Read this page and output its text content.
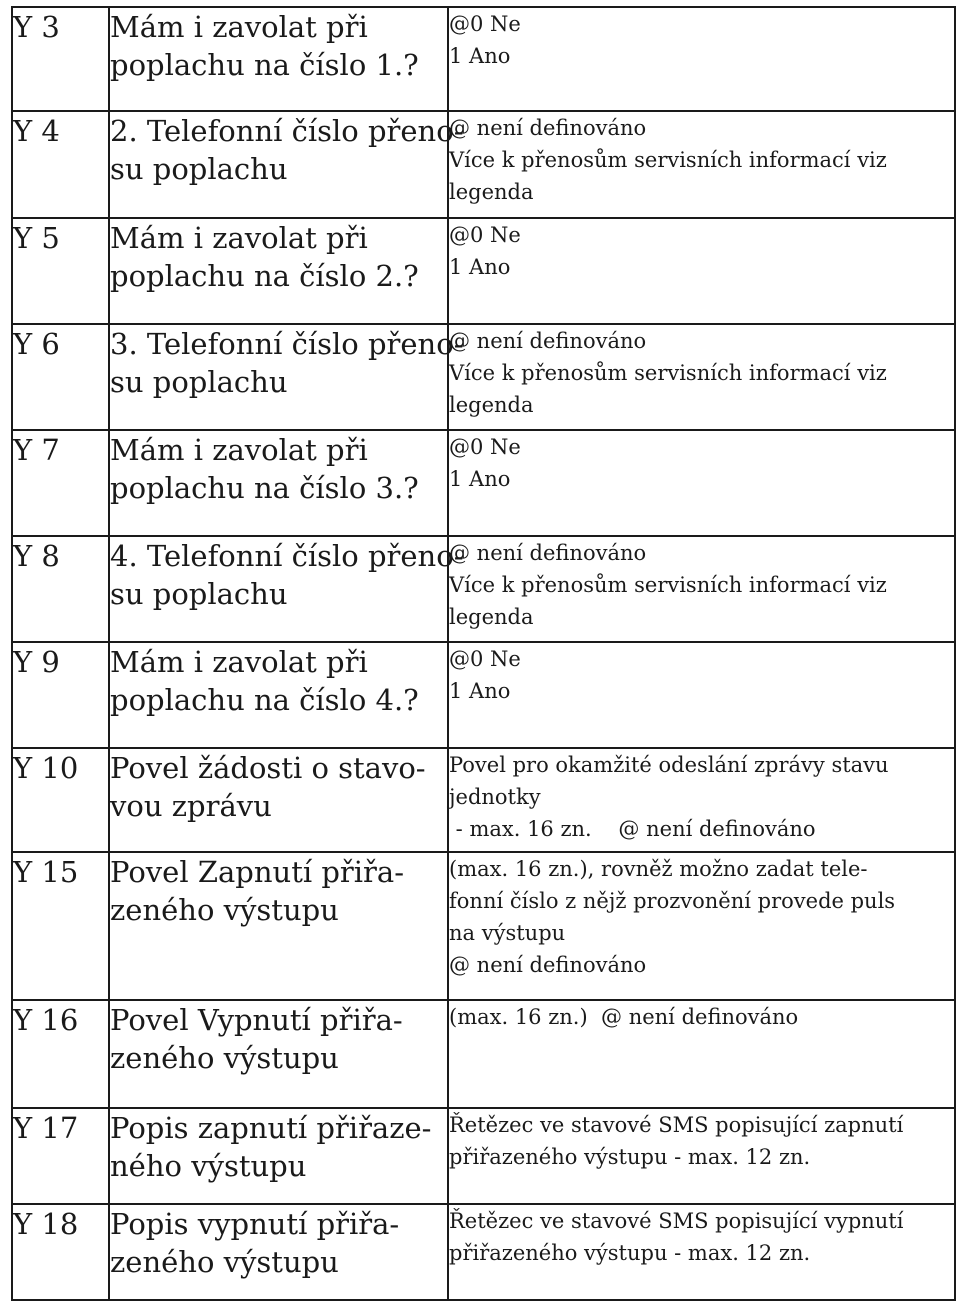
Y 3	Mám i zavolat při
poplachu na číslo 1.?	@0 Ne
1 Ano

Y 4	2. Telefonní číslo přeno-
su poplachu	@ není definováno
Více k přenosům servisních informací viz
legenda

Y 5	Mám i zavolat při
poplachu na číslo 2.?	@0 Ne
1 Ano

Y 6	3. Telefonní číslo přeno-
su poplachu	@ není definováno
Více k přenosům servisních informací viz
legenda

Y 7	Mám i zavolat při
poplachu na číslo 3.?	@0 Ne
1 Ano

Y 8	4. Telefonní číslo přeno-
su poplachu	@ není definováno
Více k přenosům servisních informací viz
legenda

Y 9	Mám i zavolat při
poplachu na číslo 4.?	@0 Ne
1 Ano

Y 10	Povel žádosti o stavo-
vou zprávu	Povel pro okamžité odeslání zprávy stavu
jednotky
- max. 16 zn.    @ není definováno

Y 15	Povel Zapnutí přiřa-
zeného výstupu	(max. 16 zn.), rovněž možno zadat tele-
fonní číslo z nějž prozvonění provede puls
na výstupu
@ není definováno

Y 16	Povel Vypnutí přiřa-
zeného výstupu	(max. 16 zn.)  @ není definováno

Y 17	Popis zapnutí přiřaze-
ného výstupu	Řetězec ve stavové SMS popisující zapnutí
přiřazeného výstupu - max. 12 zn.

Y 18	Popis vypnutí přiřa-
zeného výstupu	Řetězec ve stavové SMS popisující vypnutí
přiřazeného výstupu - max. 12 zn.
